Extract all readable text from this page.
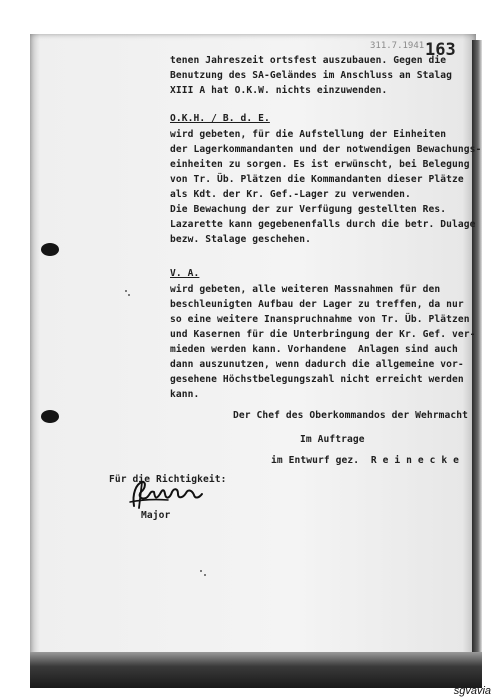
311.7.1941 163
tenen Jahreszeit ortsfest auszubauen. Gegen die
Benutzung des SA-Geländes im Anschluss an Stalag
XIII A hat O.K.W. nichts einzuwenden.
O.K.H. / B. d. E.
wird gebeten, für die Aufstellung der Einheiten
der Lagerkommandanten und der notwendigen Bewachungs-
einheiten zu sorgen. Es ist erwünscht, bei Belegung
von Tr. Üb. Plätzen die Kommandanten dieser Plätze
als Kdt. der Kr. Gef.-Lager zu verwenden.
Die Bewachung der zur Verfügung gestellten Res.
Lazarette kann gegebenenfalls durch die betr. Dulage
bezw. Stalage geschehen.
V. A.
wird gebeten, alle weiteren Massnahmen für den
beschleunigten Aufbau der Lager zu treffen, da nur
so eine weitere Inanspruchnahme von Tr. Üb. Plätzen
und Kasernen für die Unterbringung der Kr. Gef. ver-
mieden werden kann. Vorhandene  Anlagen sind auch
dann auszunutzen, wenn dadurch die allgemeine vor-
gesehene Höchstbelegungszahl nicht erreicht werden
kann.
Der Chef des Oberkommandos der Wehrmacht
Im Auftrage
im Entwurf gez.  R e i n e c k e
Für die Richtigkeit:
Major
sgvavia
